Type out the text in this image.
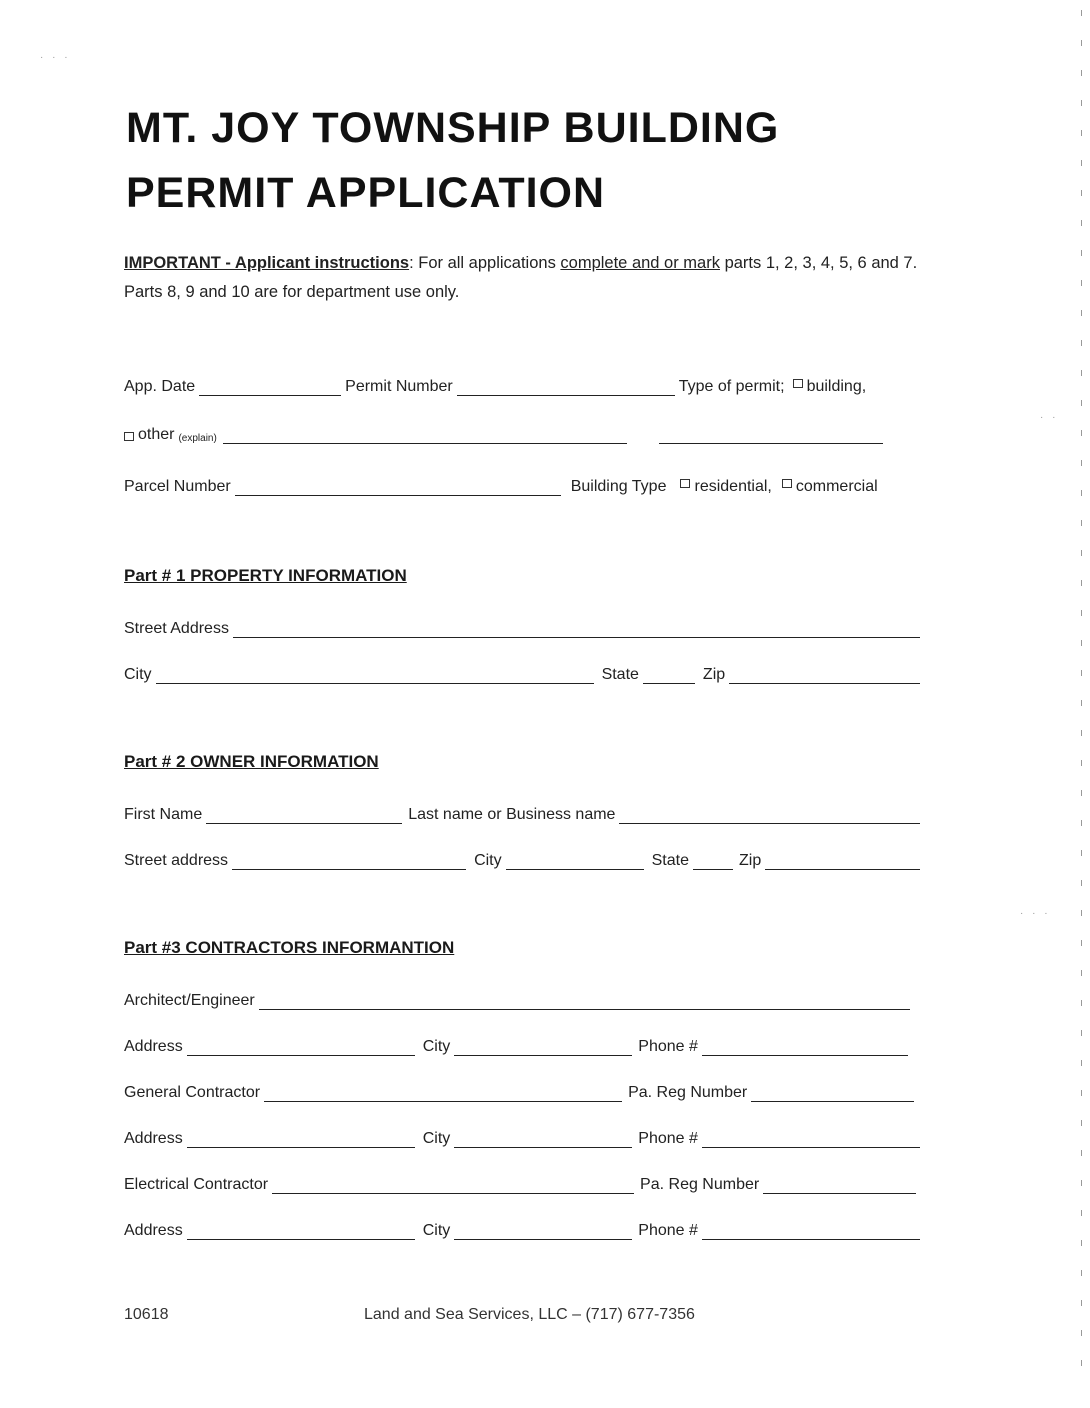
MT. JOY TOWNSHIP BUILDING
PERMIT APPLICATION
IMPORTANT - Applicant instructions: For all applications complete and or mark parts 1, 2, 3, 4, 5, 6 and 7. Parts 8, 9 and 10 are for department use only.
App. Date	Permit Number	Type of permit;	building,
other (explain)
Parcel Number	Building Type	residential,	commercial
Part # 1 PROPERTY INFORMATION
Street Address
City	State	Zip
Part # 2 OWNER INFORMATION
First Name	Last name or Business name
Street address	City	State	Zip
Part #3 CONTRACTORS INFORMANTION
Architect/Engineer
Address	City	Phone #
General Contractor	Pa. Reg Number
Address	City	Phone #
Electrical Contractor	Pa. Reg Number
Address	City	Phone #
10618	Land and Sea Services, LLC – (717) 677-7356
· · ·
· ·
· · ·
